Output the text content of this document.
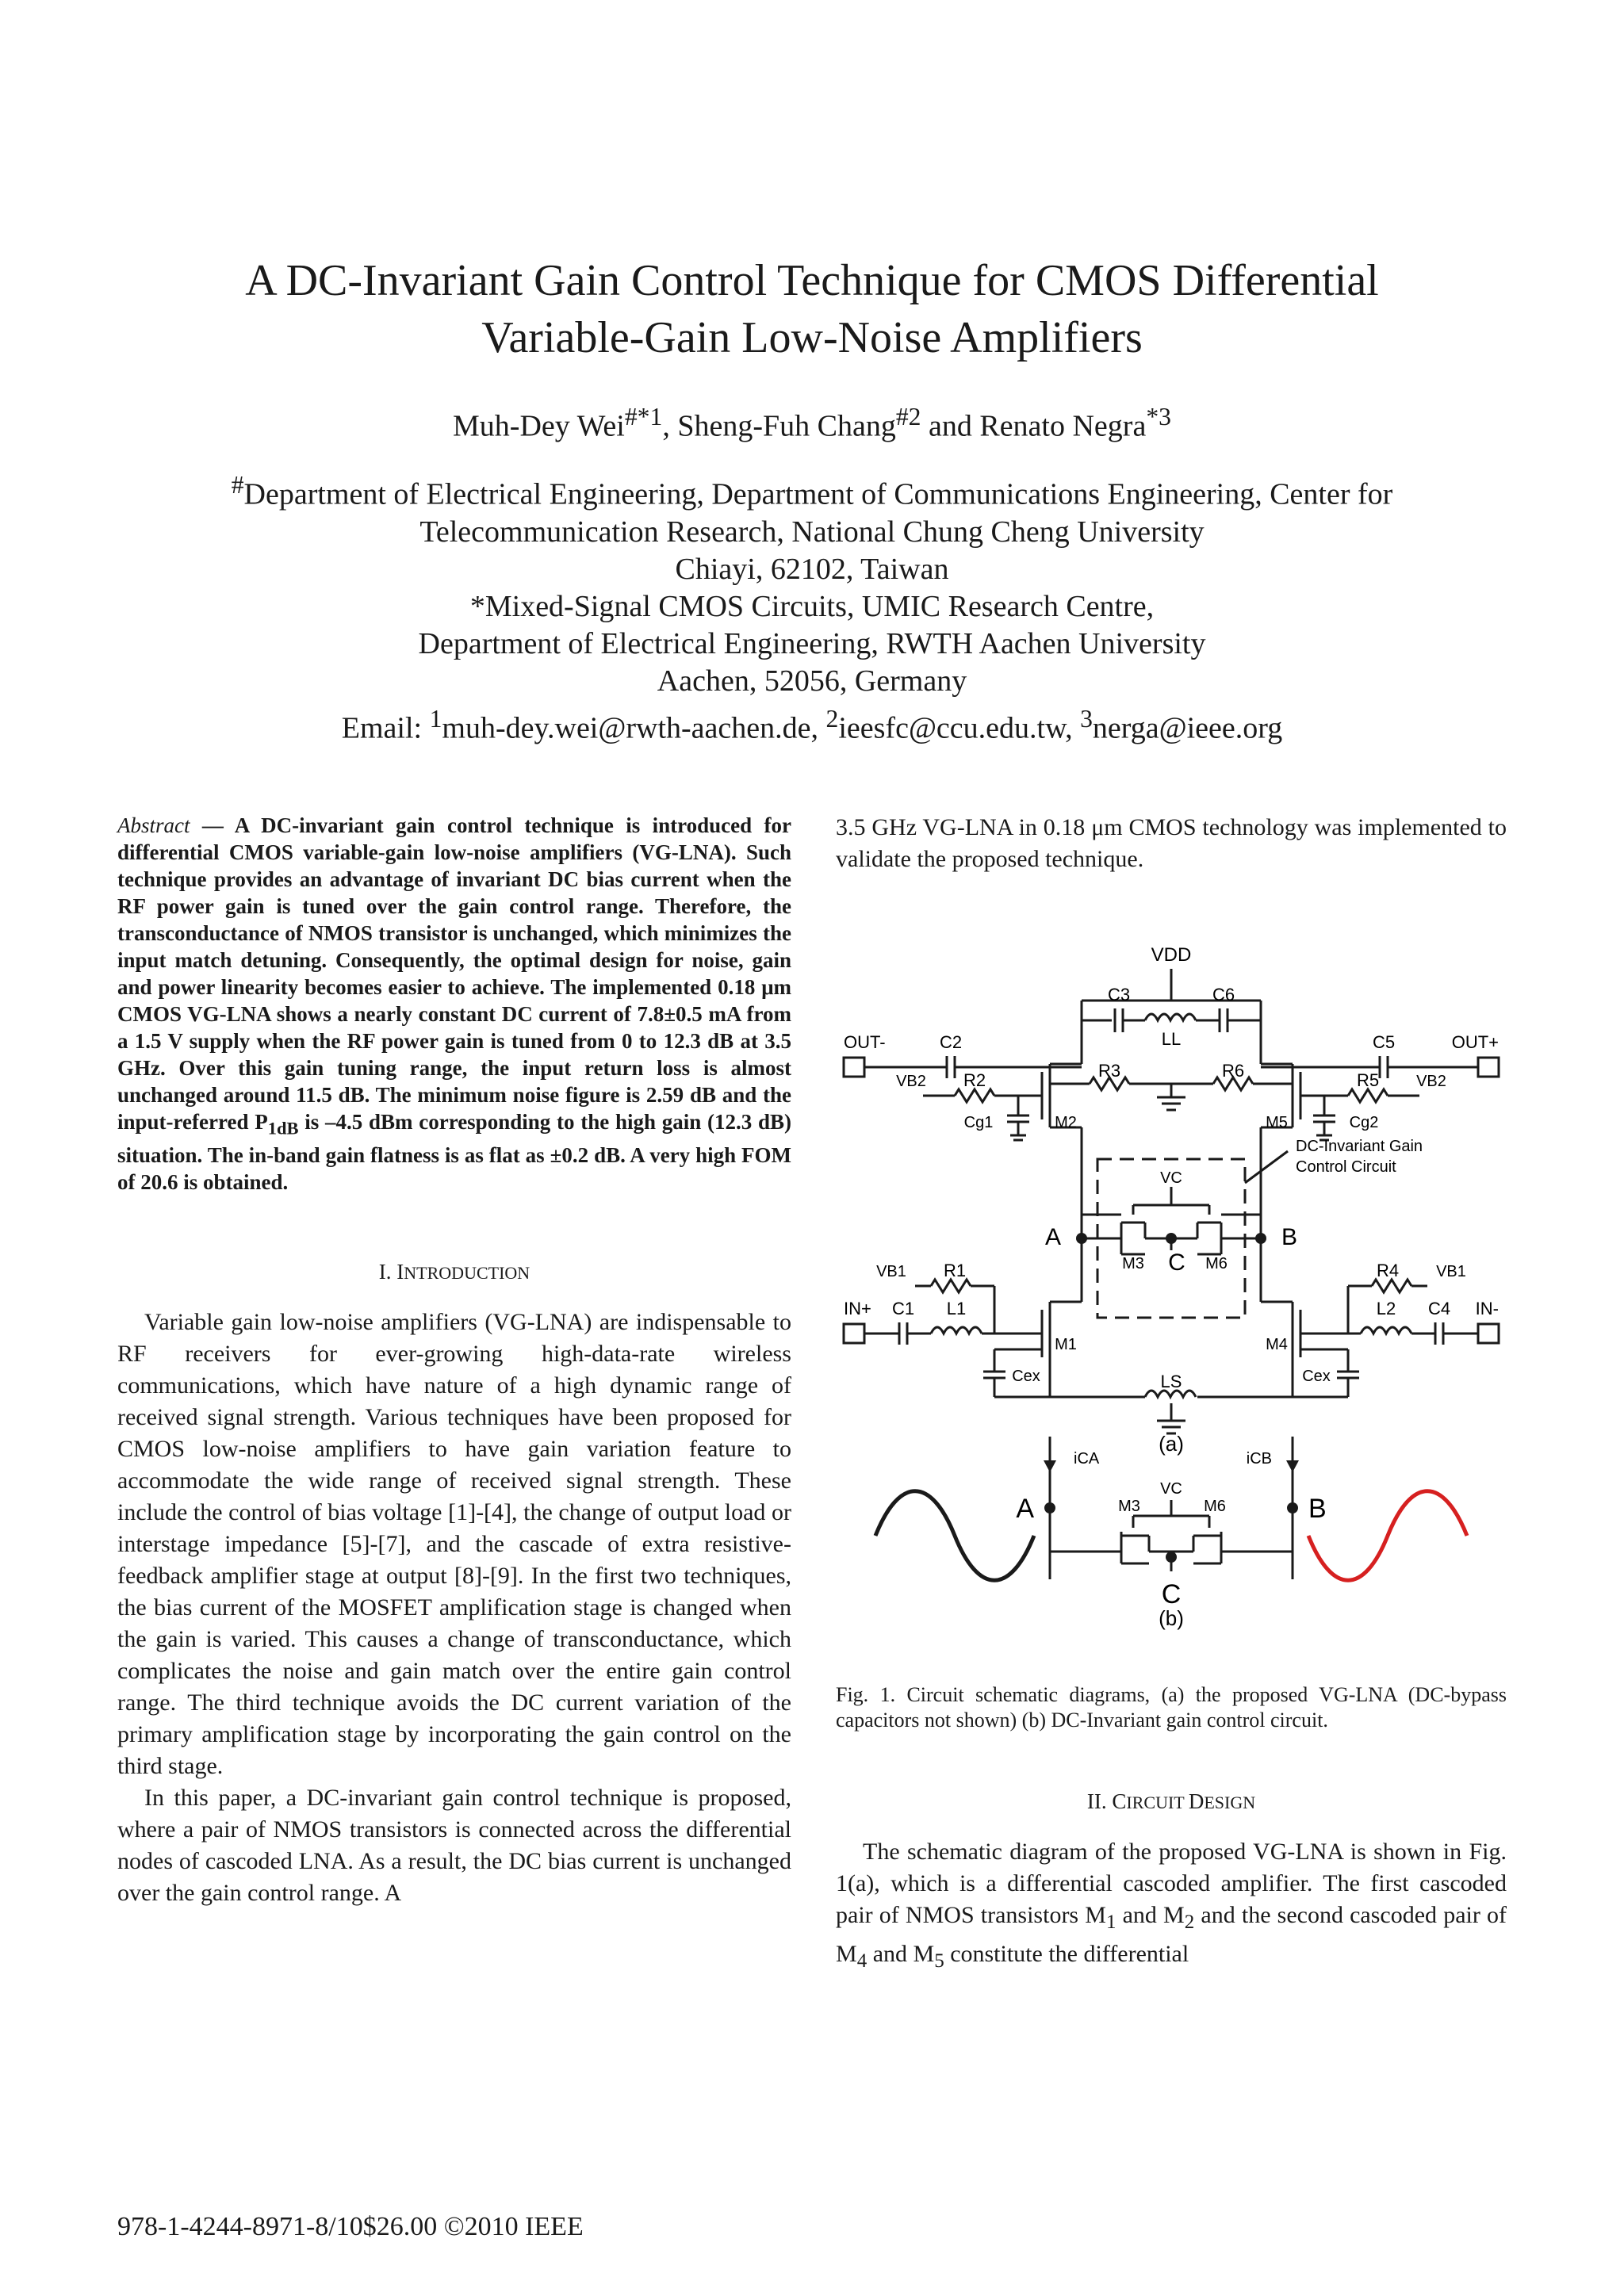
A DC-Invariant Gain Control Technique for CMOS Differential
Variable-Gain Low-Noise Amplifiers
Muh-Dey Wei$^{\#*1}$, Sheng-Fuh Chang$^{\#2}$ and Renato Negra$^{*3}$
#Department of Electrical Engineering, Department of Communications Engineering, Center for
Telecommunication Research, National Chung Cheng University
Chiayi, 62102, Taiwan
*Mixed-Signal CMOS Circuits, UMIC Research Centre,
Department of Electrical Engineering, RWTH Aachen University
Aachen, 52056, Germany
Email: $^1$muh-dey.wei@rwth-aachen.de, $^2$ieesfc@ccu.edu.tw, $^3$nerga@ieee.org

Abstract — A DC-invariant gain control technique is introduced for differential CMOS variable-gain low-noise amplifiers (VG-LNA). Such technique provides an advantage of invariant DC bias current when the RF power gain is tuned over the gain control range. Therefore, the transconductance of NMOS transistor is unchanged, which minimizes the input match detuning. Consequently, the optimal design for noise, gain and power linearity becomes easier to achieve. The implemented 0.18 μm CMOS VG-LNA shows a nearly constant DC current of 7.8±0.5 mA from a 1.5 V supply when the RF power gain is tuned from 0 to 12.3 dB at 3.5 GHz. Over this gain tuning range, the input return loss is almost unchanged around 11.5 dB. The minimum noise figure is 2.59 dB and the input-referred $P_{1dB}$ is –4.5 dBm corresponding to the high gain (12.3 dB) situation. The in-band gain flatness is as flat as ±0.2 dB. A very high FOM of 20.6 is obtained.

I. INTRODUCTION

Variable gain low-noise amplifiers (VG-LNA) are indispensable to RF receivers for ever-growing high-data-rate wireless communications, which have nature of a high dynamic range of received signal strength. Various techniques have been proposed for CMOS low-noise amplifiers to have gain variation feature to accommodate the wide range of received signal strength. These include the control of bias voltage [1]-[4], the change of output load or interstage impedance [5]-[7], and the cascade of extra resistive-feedback amplifier stage at output [8]-[9]. In the first two techniques, the bias current of the MOSFET amplification stage is changed when the gain is varied. This causes a change of transconductance, which complicates the noise and gain match over the entire gain control range. The third technique avoids the DC current variation of the primary amplification stage by incorporating the gain control on the third stage.

In this paper, a DC-invariant gain control technique is proposed, where a pair of NMOS transistors is connected across the differential nodes of cascoded LNA. As a result, the DC bias current is unchanged over the gain control range. A

3.5 GHz VG-LNA in 0.18 μm CMOS technology was implemented to validate the proposed technique.

VDD
OUT-	OUT+
C2
C3	C6
C5
LL
VB2 R2	R3	R6	R5 VB2
Cg1	Cg2
M2	M5
DC-Invariant Gain
Control Circuit
VC
VB1 R1	R4 VB1
A	B
C
M3	M6
IN+ C1 L1
M1	M4
L2 C4 IN-
Cex	Cex
LS
(a)
iCA	iCB
VC
M3	M6
A	B
C
(b)

Fig. 1. Circuit schematic diagrams, (a) the proposed VG-LNA (DC-bypass capacitors not shown) (b) DC-Invariant gain control circuit.

II. CIRCUIT DESIGN

The schematic diagram of the proposed VG-LNA is shown in Fig. 1(a), which is a differential cascoded amplifier. The first cascoded pair of NMOS transistors $M_1$ and $M_2$ and the second cascoded pair of $M_4$ and $M_5$ constitute the differential

978-1-4244-8971-8/10$26.00 ©2010 IEEE
